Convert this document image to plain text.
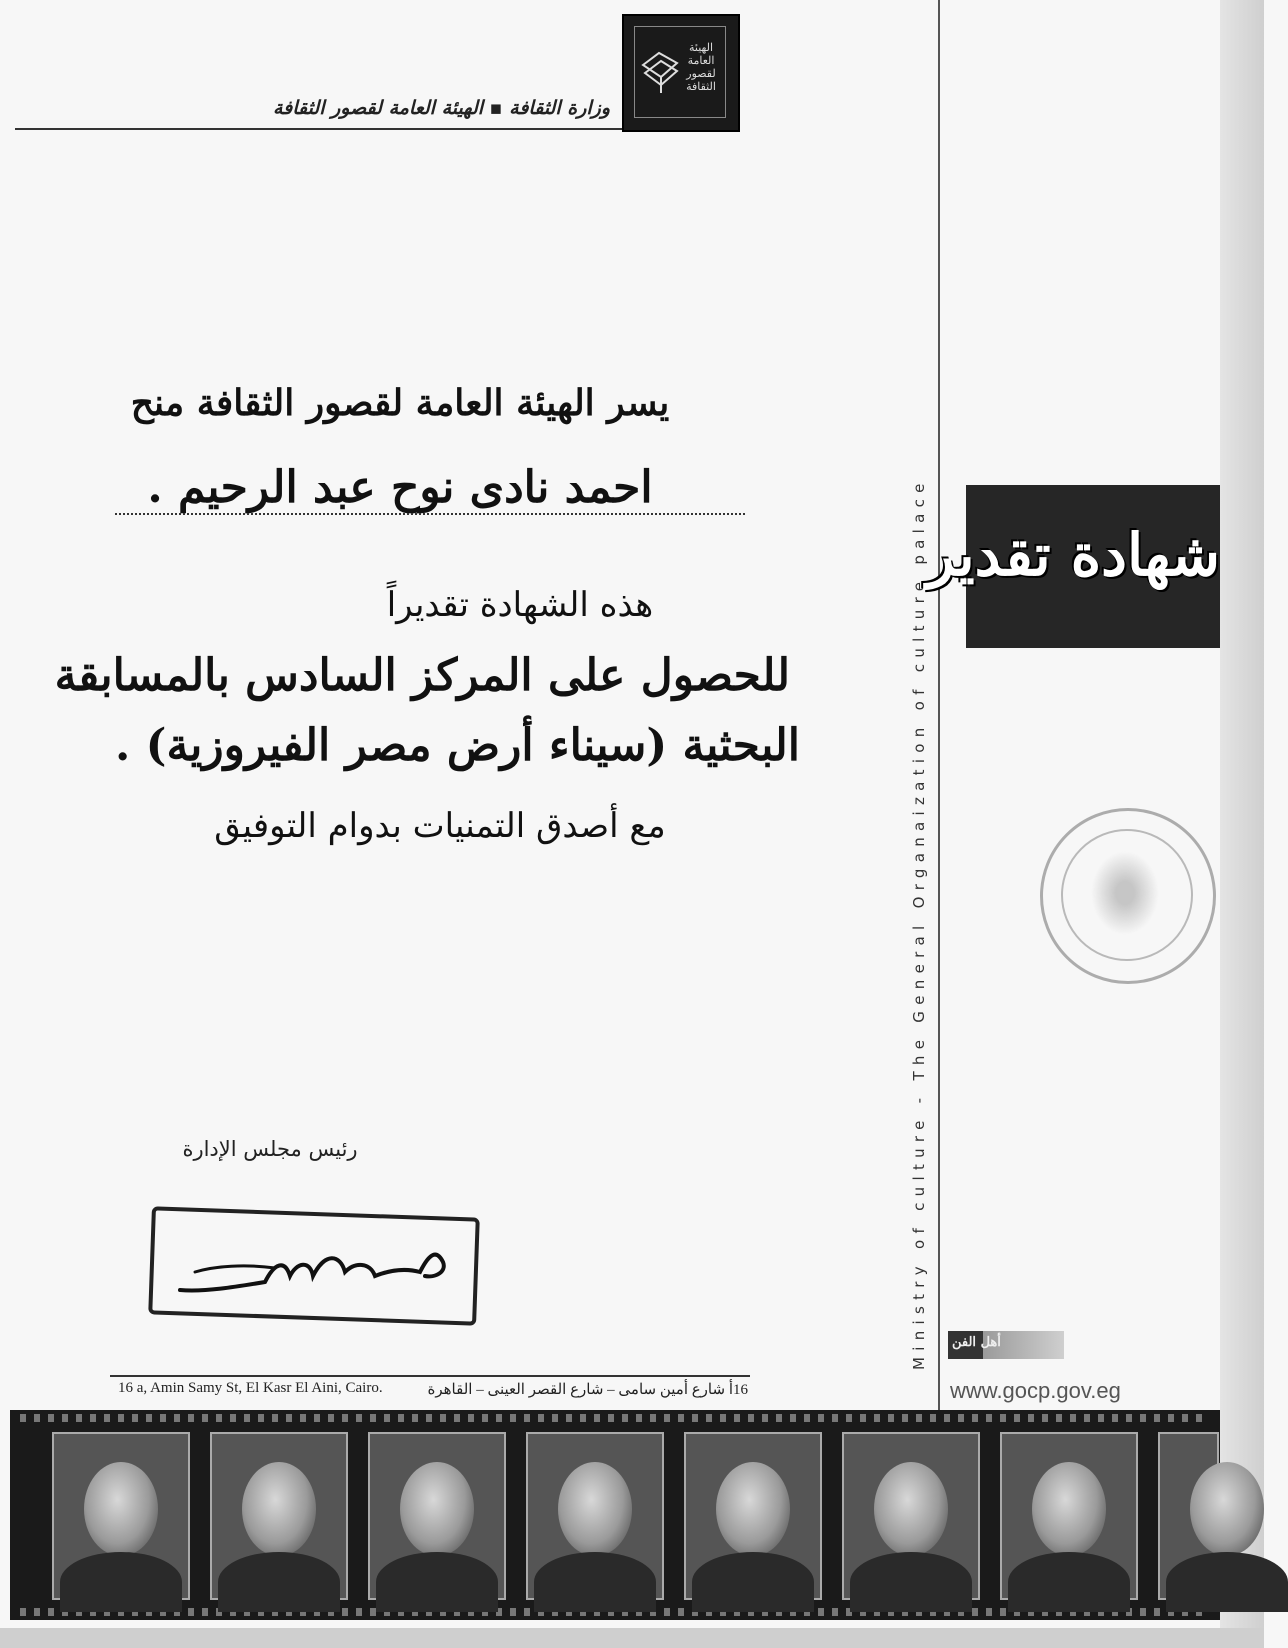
الهيئة العامة لقصور الثقافة
وزارة الثقافة ▪ الهيئة العامة لقصور الثقافة
Ministry of culture - The General Organaization of culture palace
شهادة تقدير
أهل الفن
www.gocp.gov.eg
يسر الهيئة العامة لقصور الثقافة منح
احمد نادى نوح عبد الرحيم .
هذه الشهادة تقديراً
للحصول على المركز السادس بالمسابقة
البحثية (سيناء أرض مصر الفيروزية) .
مع أصدق التمنيات بدوام التوفيق
رئيس مجلس الإدارة
16 a, Amin Samy St, El Kasr El Aini, Cairo.	16أ شارع أمين سامى – شارع القصر العينى – القاهرة
